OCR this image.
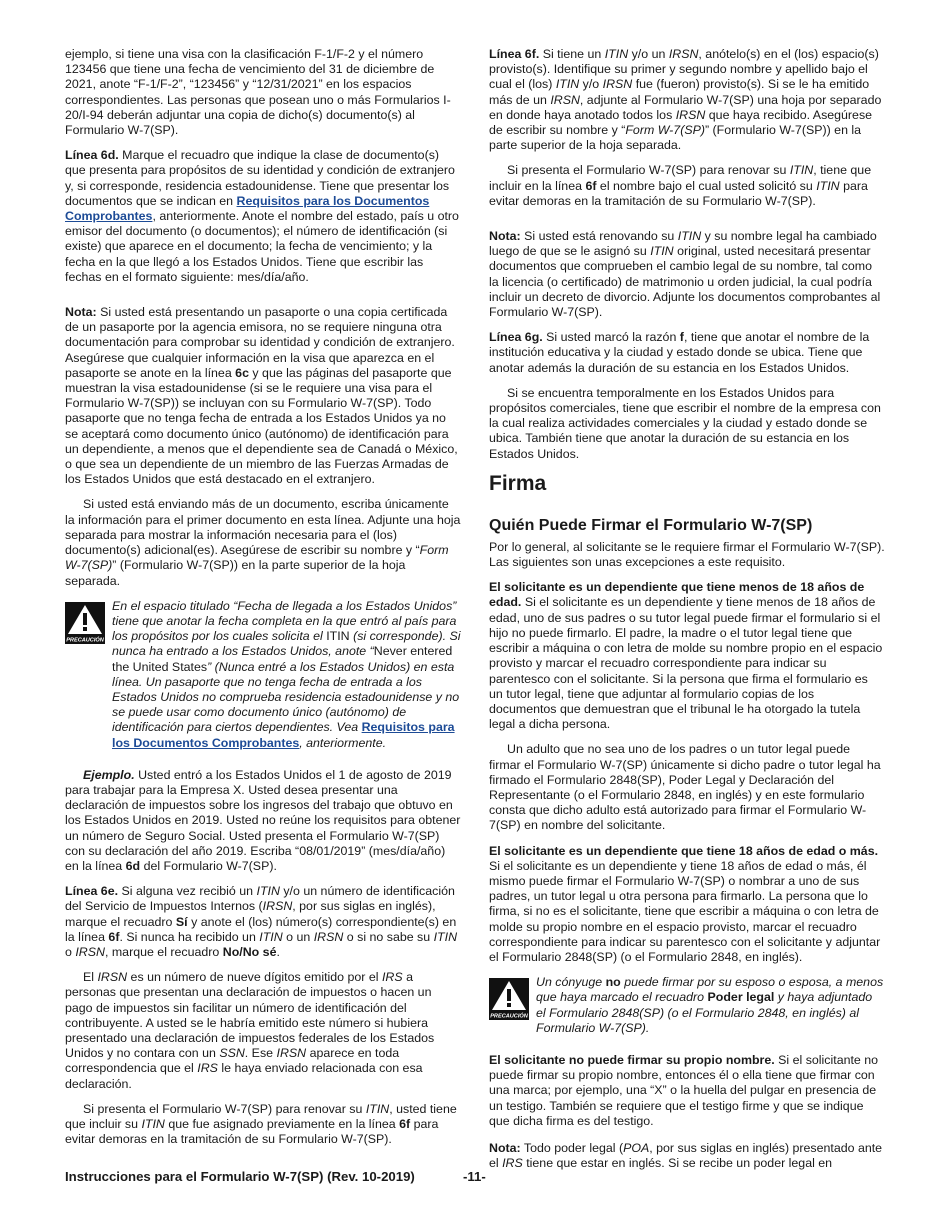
ejemplo, si tiene una visa con la clasificación F-1/F-2 y el número 123456 que tiene una fecha de vencimiento del 31 de diciembre de 2021, anote “F-1/F-2”, “123456” y “12/31/2021” en los espacios correspondientes. Las personas que posean uno o más Formularios I-20/I-94 deberán adjuntar una copia de dicho(s) documento(s) al Formulario W-7(SP).

Línea 6d. Marque el recuadro que indique la clase de documento(s) que presenta para propósitos de su identidad y condición de extranjero y, si corresponde, residencia estadounidense. Tiene que presentar los documentos que se indican en Requisitos para los Documentos Comprobantes, anteriormente. Anote el nombre del estado, país u otro emisor del documento (o documentos); el número de identificación (si existe) que aparece en el documento; la fecha de vencimiento; y la fecha en la que llegó a los Estados Unidos. Tiene que escribir las fechas en el formato siguiente: mes/día/año.

Nota: Si usted está presentando un pasaporte o una copia certificada de un pasaporte por la agencia emisora, no se requiere ninguna otra documentación para comprobar su identidad y condición de extranjero. Asegúrese que cualquier información en la visa que aparezca en el pasaporte se anote en la línea 6c y que las páginas del pasaporte que muestran la visa estadounidense (si se le requiere una visa para el Formulario W-7(SP)) se incluyan con su Formulario W-7(SP). Todo pasaporte que no tenga fecha de entrada a los Estados Unidos ya no se aceptará como documento único (autónomo) de identificación para un dependiente, a menos que el dependiente sea de Canadá o México, o que sea un dependiente de un miembro de las Fuerzas Armadas de los Estados Unidos que está destacado en el extranjero.

Si usted está enviando más de un documento, escriba únicamente la información para el primer documento en esta línea. Adjunte una hoja separada para mostrar la información necesaria para el (los) documento(s) adicional(es). Asegúrese de escribir su nombre y “Form W-7(SP)” (Formulario W-7(SP)) en la parte superior de la hoja separada.

PRECAUCIÓN
En el espacio titulado “Fecha de llegada a los Estados Unidos” tiene que anotar la fecha completa en la que entró al país para los propósitos por los cuales solicita el ITIN (si corresponde). Si nunca ha entrado a los Estados Unidos, anote “Never entered the United States” (Nunca entré a los Estados Unidos) en esta línea. Un pasaporte que no tenga fecha de entrada a los Estados Unidos no comprueba residencia estadounidense y no se puede usar como documento único (autónomo) de identificación para ciertos dependientes. Vea Requisitos para los Documentos Comprobantes, anteriormente.

Ejemplo. Usted entró a los Estados Unidos el 1 de agosto de 2019 para trabajar para la Empresa X. Usted desea presentar una declaración de impuestos sobre los ingresos del trabajo que obtuvo en los Estados Unidos en 2019. Usted no reúne los requisitos para obtener un número de Seguro Social. Usted presenta el Formulario W-7(SP) con su declaración del año 2019. Escriba “08/01/2019” (mes/día/año) en la línea 6d del Formulario W-7(SP).

Línea 6e. Si alguna vez recibió un ITIN y/o un número de identificación del Servicio de Impuestos Internos (IRSN, por sus siglas en inglés), marque el recuadro Sí y anote el (los) número(s) correspondiente(s) en la línea 6f. Si nunca ha recibido un ITIN o un IRSN o si no sabe su ITIN o IRSN, marque el recuadro No/No sé.

El IRSN es un número de nueve dígitos emitido por el IRS a personas que presentan una declaración de impuestos o hacen un pago de impuestos sin facilitar un número de identificación del contribuyente. A usted se le habría emitido este número si hubiera presentado una declaración de impuestos federales de los Estados Unidos y no contara con un SSN. Ese IRSN aparece en toda correspondencia que el IRS le haya enviado relacionada con esa declaración.

Si presenta el Formulario W-7(SP) para renovar su ITIN, usted tiene que incluir su ITIN que fue asignado previamente en la línea 6f para evitar demoras en la tramitación de su Formulario W-7(SP).

Línea 6f. Si tiene un ITIN y/o un IRSN, anótelo(s) en el (los) espacio(s) provisto(s). Identifique su primer y segundo nombre y apellido bajo el cual el (los) ITIN y/o IRSN fue (fueron) provisto(s). Si se le ha emitido más de un IRSN, adjunte al Formulario W-7(SP) una hoja por separado en donde haya anotado todos los IRSN que haya recibido. Asegúrese de escribir su nombre y “Form W-7(SP)” (Formulario W-7(SP)) en la parte superior de la hoja separada.

Si presenta el Formulario W-7(SP) para renovar su ITIN, tiene que incluir en la línea 6f el nombre bajo el cual usted solicitó su ITIN para evitar demoras en la tramitación de su Formulario W-7(SP).

Nota: Si usted está renovando su ITIN y su nombre legal ha cambiado luego de que se le asignó su ITIN original, usted necesitará presentar documentos que comprueben el cambio legal de su nombre, tal como la licencia (o certificado) de matrimonio u orden judicial, la cual podría incluir un decreto de divorcio. Adjunte los documentos comprobantes al Formulario W-7(SP).

Línea 6g. Si usted marcó la razón f, tiene que anotar el nombre de la institución educativa y la ciudad y estado donde se ubica. Tiene que anotar además la duración de su estancia en los Estados Unidos.

Si se encuentra temporalmente en los Estados Unidos para propósitos comerciales, tiene que escribir el nombre de la empresa con la cual realiza actividades comerciales y la ciudad y estado donde se ubica. También tiene que anotar la duración de su estancia en los Estados Unidos.

Firma
Quién Puede Firmar el Formulario W-7(SP)

Por lo general, al solicitante se le requiere firmar el Formulario W-7(SP). Las siguientes son unas excepciones a este requisito.

El solicitante es un dependiente que tiene menos de 18 años de edad. Si el solicitante es un dependiente y tiene menos de 18 años de edad, uno de sus padres o su tutor legal puede firmar el formulario si el hijo no puede firmarlo. El padre, la madre o el tutor legal tiene que escribir a máquina o con letra de molde su nombre propio en el espacio provisto y marcar el recuadro correspondiente para indicar su parentesco con el solicitante. Si la persona que firma el formulario es un tutor legal, tiene que adjuntar al formulario copias de los documentos que demuestran que el tribunal le ha otorgado la tutela legal a dicha persona.

Un adulto que no sea uno de los padres o un tutor legal puede firmar el Formulario W-7(SP) únicamente si dicho padre o tutor legal ha firmado el Formulario 2848(SP), Poder Legal y Declaración del Representante (o el Formulario 2848, en inglés) y en este formulario consta que dicho adulto está autorizado para firmar el Formulario W-7(SP) en nombre del solicitante.

El solicitante es un dependiente que tiene 18 años de edad o más. Si el solicitante es un dependiente y tiene 18 años de edad o más, él mismo puede firmar el Formulario W-7(SP) o nombrar a uno de sus padres, un tutor legal u otra persona para firmarlo. La persona que lo firma, si no es el solicitante, tiene que escribir a máquina o con letra de molde su propio nombre en el espacio provisto, marcar el recuadro correspondiente para indicar su parentesco con el solicitante y adjuntar el Formulario 2848(SP) (o el Formulario 2848, en inglés).

PRECAUCIÓN
Un cónyuge no puede firmar por su esposo o esposa, a menos que haya marcado el recuadro Poder legal y haya adjuntado el Formulario 2848(SP) (o el Formulario 2848, en inglés) al Formulario W-7(SP).

El solicitante no puede firmar su propio nombre. Si el solicitante no puede firmar su propio nombre, entonces él o ella tiene que firmar con una marca; por ejemplo, una “X” o la huella del pulgar en presencia de un testigo. También se requiere que el testigo firme y que se indique que dicha firma es del testigo.

Nota: Todo poder legal (POA, por sus siglas en inglés) presentado ante el IRS tiene que estar en inglés. Si se recibe un poder legal en

Instrucciones para el Formulario W-7(SP) (Rev. 10-2019)	-11-
